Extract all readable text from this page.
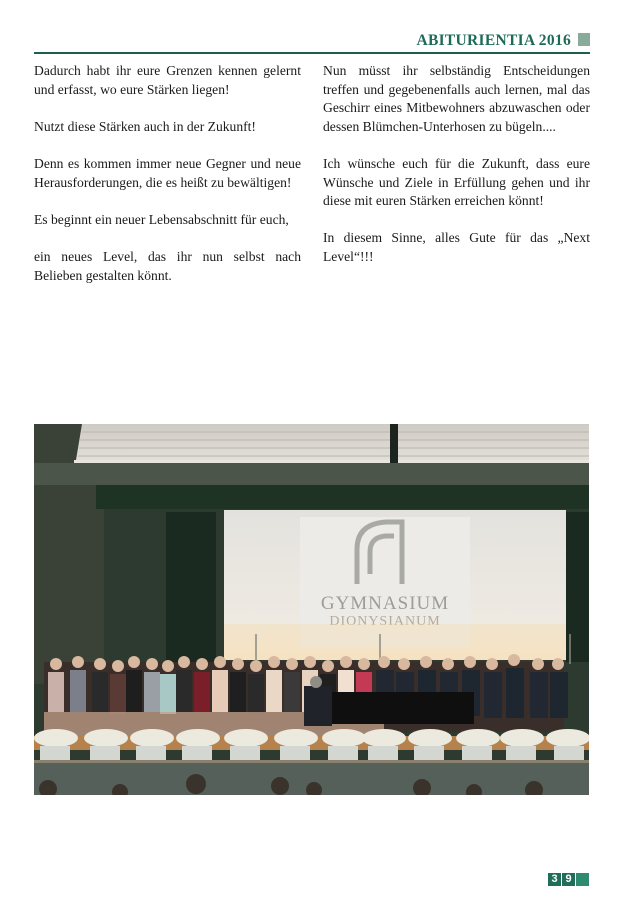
ABITURIENTIA 2016

Dadurch habt ihr eure Grenzen kennen gelernt und erfasst, wo eure Stärken liegen!

Nutzt diese Stärken auch in der Zukunft!

Denn es kommen immer neue Gegner und neue Herausforderungen, die es heißt zu bewältigen!

Es beginnt ein neuer Lebensabschnitt für euch,

ein neues Level, das ihr nun selbst nach Belieben gestalten könnt.

Nun müsst ihr selbständig Entscheidungen treffen und gegebenenfalls auch lernen, mal das Geschirr eines Mitbewohners abzuwaschen oder dessen Blümchen-Unterhosen zu bügeln....

Ich wünsche euch für die Zukunft, dass eure Wünsche und Ziele in Erfüllung gehen und ihr diese mit euren Stärken erreichen könnt!

In diesem Sinne, alles Gute für das „Next Level“!!!

GYMNASIUM
DIONYSIANUM
3 9
